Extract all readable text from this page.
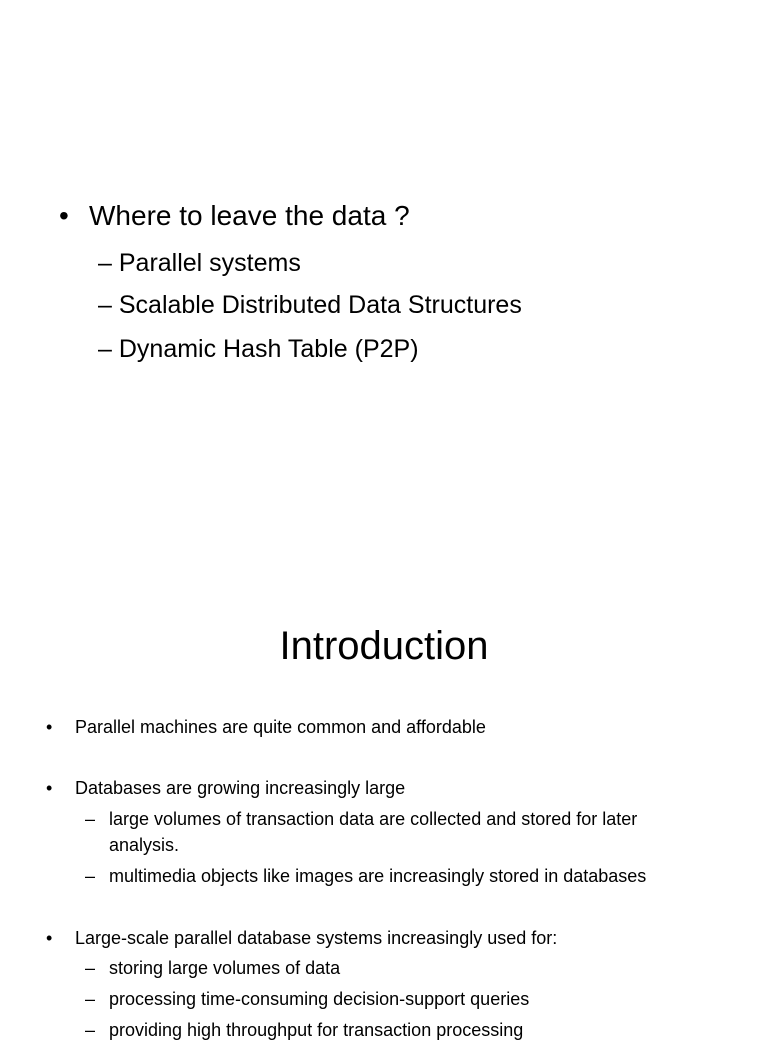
• Where to leave the data ?
– Parallel systems
– Scalable Distributed Data Structures
– Dynamic Hash Table (P2P)
Introduction
• Parallel machines are quite common and affordable
• Databases are growing increasingly large
– large volumes of transaction data are collected and stored for later analysis.
– multimedia objects like images are increasingly stored in databases
• Large-scale parallel database systems increasingly used for:
– storing large volumes of data
– processing time-consuming decision-support queries
– providing high throughput for transaction processing
